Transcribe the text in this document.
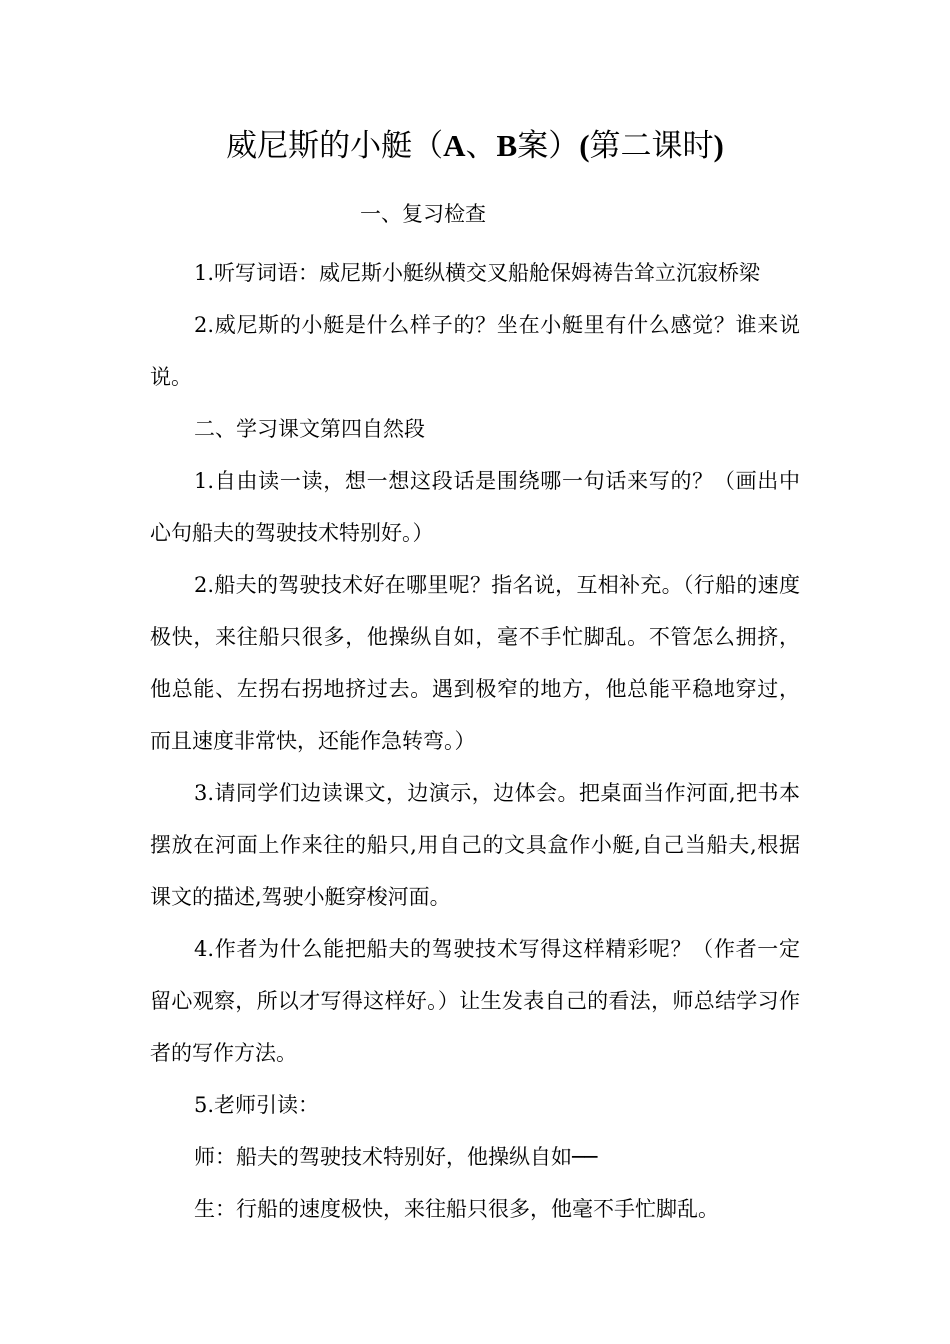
威尼斯的小艇（A、B案）(第二课时)
一、复习检查

1.听写词语：威尼斯小艇纵横交叉船舱保姆祷告耸立沉寂桥梁

2.威尼斯的小艇是什么样子的？坐在小艇里有什么感觉？谁来说说。

二、学习课文第四自然段

1.自由读一读，想一想这段话是围绕哪一句话来写的？（画出中心句船夫的驾驶技术特别好。）

2.船夫的驾驶技术好在哪里呢？指名说，互相补充。（行船的速度极快，来往船只很多，他操纵自如，毫不手忙脚乱。不管怎么拥挤，他总能、左拐右拐地挤过去。遇到极窄的地方，他总能平稳地穿过，而且速度非常快，还能作急转弯。）

3.请同学们边读课文，边演示，边体会。把桌面当作河面,把书本摆放在河面上作来往的船只,用自己的文具盒作小艇,自己当船夫,根据课文的描述,驾驶小艇穿梭河面。

4.作者为什么能把船夫的驾驶技术写得这样精彩呢？（作者一定留心观察，所以才写得这样好。）让生发表自己的看法，师总结学习作者的写作方法。

5.老师引读：

师：船夫的驾驶技术特别好，他操纵自如──

生：行船的速度极快，来往船只很多，他毫不手忙脚乱。
